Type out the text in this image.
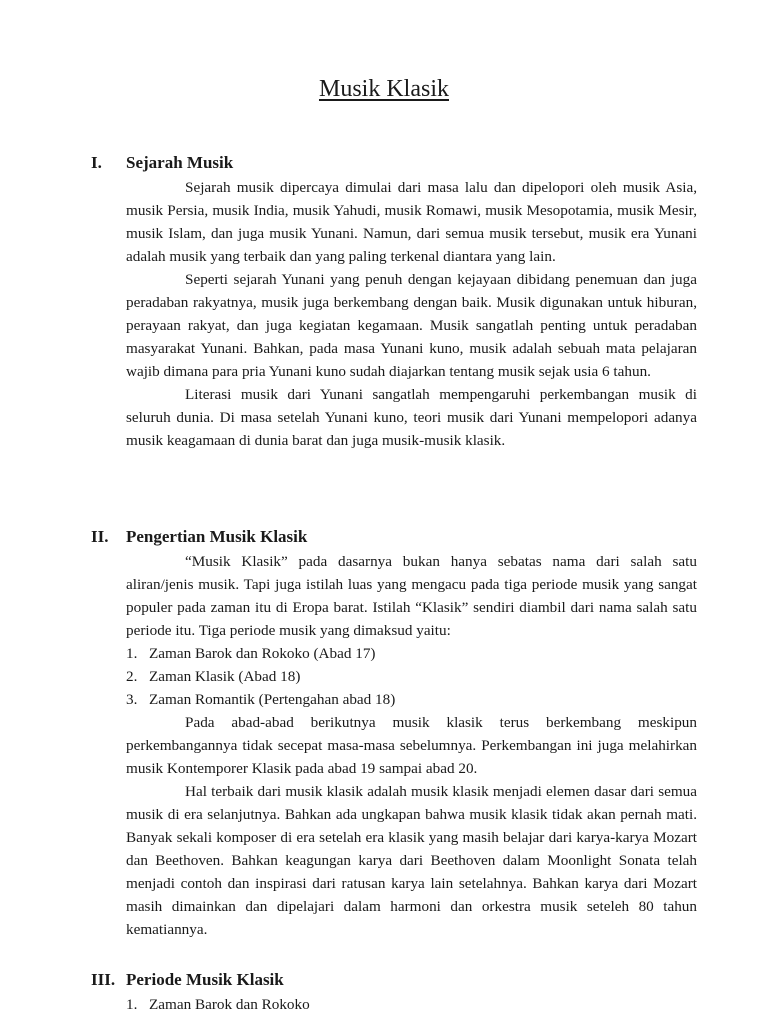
Musik Klasik
I. Sejarah Musik

Sejarah musik dipercaya dimulai dari masa lalu dan dipelopori oleh musik Asia, musik Persia, musik India, musik Yahudi, musik Romawi, musik Mesopotamia, musik Mesir, musik Islam, dan juga musik Yunani. Namun, dari semua musik tersebut, musik era Yunani adalah musik yang terbaik dan yang paling terkenal diantara yang lain.

Seperti sejarah Yunani yang penuh dengan kejayaan dibidang penemuan dan juga peradaban rakyatnya, musik juga berkembang dengan baik. Musik digunakan untuk hiburan, perayaan rakyat, dan juga kegiatan kegamaan. Musik sangatlah penting untuk peradaban masyarakat Yunani. Bahkan, pada masa Yunani kuno, musik adalah sebuah mata pelajaran wajib dimana para pria Yunani kuno sudah diajarkan tentang musik sejak usia 6 tahun.

Literasi musik dari Yunani sangatlah mempengaruhi perkembangan musik di seluruh dunia. Di masa setelah Yunani kuno, teori musik dari Yunani mempelopori adanya musik keagamaan di dunia barat dan juga musik-musik klasik.

II. Pengertian Musik Klasik

“Musik Klasik” pada dasarnya bukan hanya sebatas nama dari salah satu aliran/jenis musik. Tapi juga istilah luas yang mengacu pada tiga periode musik yang sangat populer pada zaman itu di Eropa barat. Istilah “Klasik” sendiri diambil dari nama salah satu periode itu. Tiga periode musik yang dimaksud yaitu:

1. Zaman Barok dan Rokoko (Abad 17)
2. Zaman Klasik (Abad 18)
3. Zaman Romantik (Pertengahan abad 18)

Pada abad-abad berikutnya musik klasik terus berkembang meskipun perkembangannya tidak secepat masa-masa sebelumnya. Perkembangan ini juga melahirkan musik Kontemporer Klasik pada abad 19 sampai abad 20.

Hal terbaik dari musik klasik adalah musik klasik menjadi elemen dasar dari semua musik di era selanjutnya. Bahkan ada ungkapan bahwa musik klasik tidak akan pernah mati. Banyak sekali komposer di era setelah era klasik yang masih belajar dari karya-karya Mozart dan Beethoven. Bahkan keagungan karya dari Beethoven dalam Moonlight Sonata telah menjadi contoh dan inspirasi dari ratusan karya lain setelahnya. Bahkan karya dari Mozart masih dimainkan dan dipelajari dalam harmoni dan orkestra musik seteleh 80 tahun kematiannya.

III. Periode Musik Klasik
1. Zaman Barok dan Rokoko
